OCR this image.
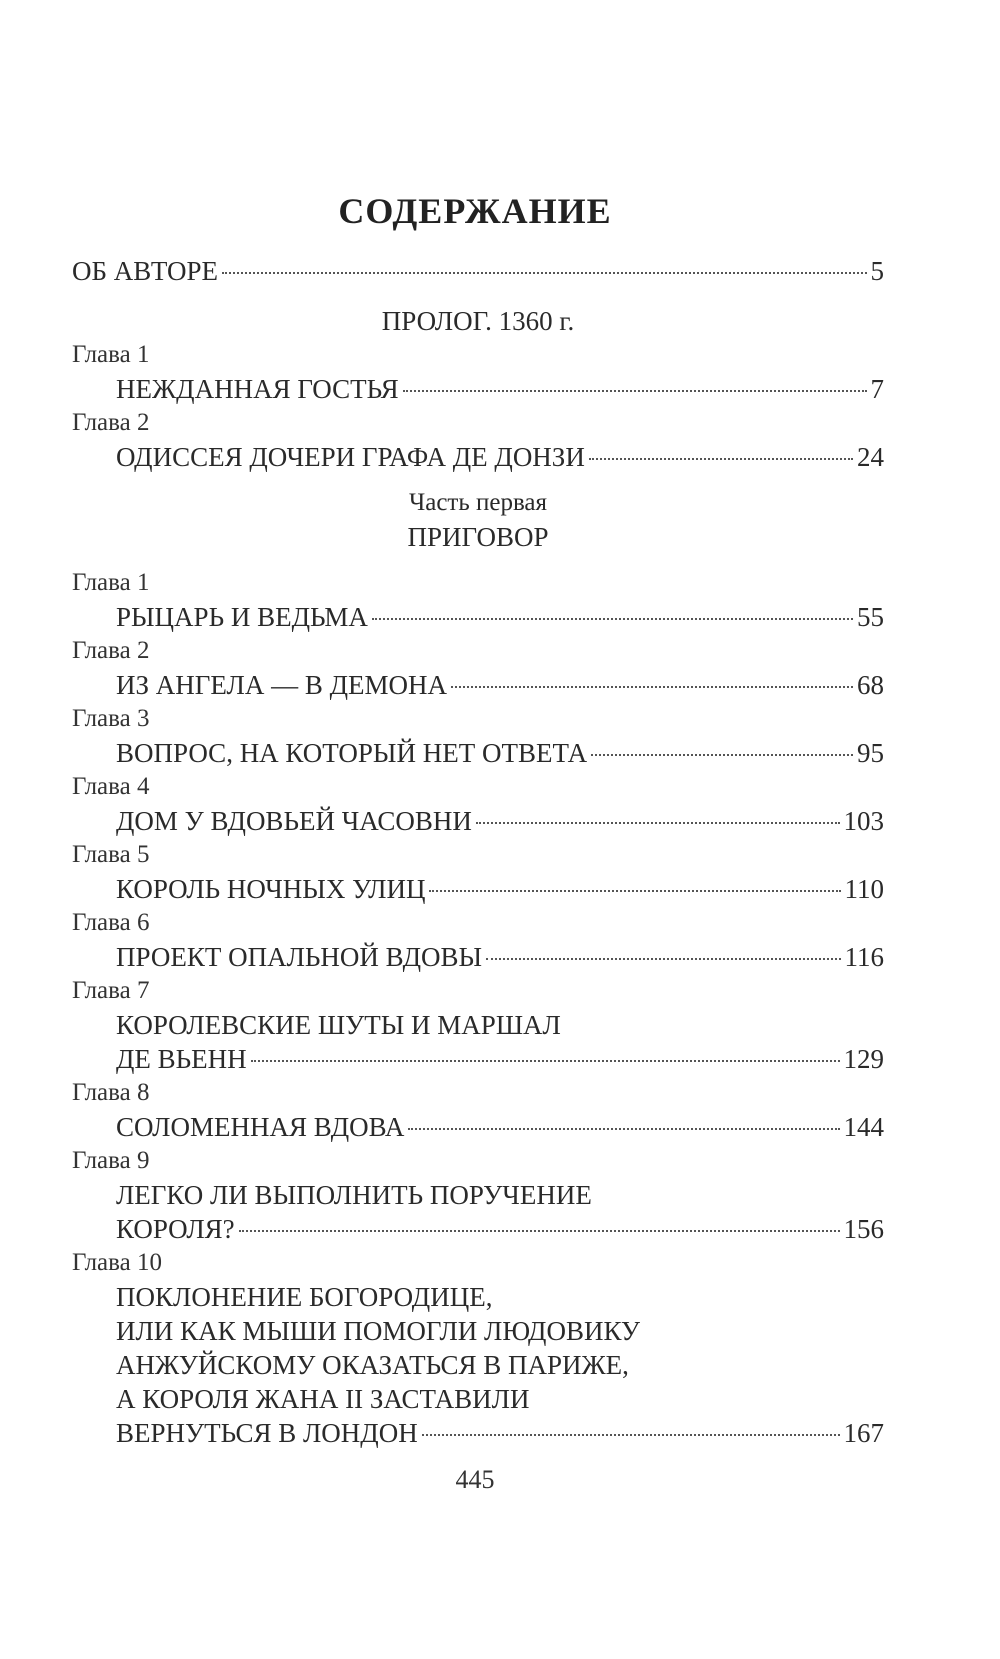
СОДЕРЖАНИЕ
ОБ АВТОРЕ	5
ПРОЛОГ. 1360 г.
Глава 1
НЕЖДАННАЯ ГОСТЬЯ	7
Глава 2
ОДИССЕЯ ДОЧЕРИ ГРАФА ДЕ ДОНЗИ	24
Часть первая
ПРИГОВОР
Глава 1
РЫЦАРЬ И ВЕДЬМА	55
Глава 2
ИЗ АНГЕЛА — В ДЕМОНА	68
Глава 3
ВОПРОС, НА КОТОРЫЙ НЕТ ОТВЕТА	95
Глава 4
ДОМ У ВДОВЬЕЙ ЧАСОВНИ	103
Глава 5
КОРОЛЬ НОЧНЫХ УЛИЦ	110
Глава 6
ПРОЕКТ ОПАЛЬНОЙ ВДОВЫ	116
Глава 7
КОРОЛЕВСКИЕ ШУТЫ И МАРШАЛ
ДЕ ВЬЕНН	129
Глава 8
СОЛОМЕННАЯ ВДОВА	144
Глава 9
ЛЕГКО ЛИ ВЫПОЛНИТЬ ПОРУЧЕНИЕ
КОРОЛЯ?	156
Глава 10
ПОКЛОНЕНИЕ БОГОРОДИЦЕ,
ИЛИ КАК МЫШИ ПОМОГЛИ ЛЮДОВИКУ
АНЖУЙСКОМУ ОКАЗАТЬСЯ В ПАРИЖЕ,
А КОРОЛЯ ЖАНА II ЗАСТАВИЛИ
ВЕРНУТЬСЯ В ЛОНДОН	167
445
